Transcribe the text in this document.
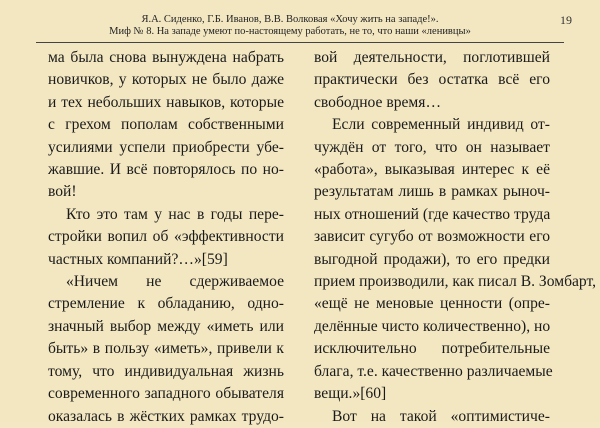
Я.А. Сиденко, Г.Б. Иванов, В.В. Волковая «Хочу жить на западе!».
Миф № 8. На западе умеют по-настоящему работать, не то, что наши «ленивцы»
19
ма была снова вынуждена набрать
новичков, у которых не было даже
и тех небольших навыков, которые
с грехом пополам собственными
усилиями успели приобрести убе-
жавшие. И всё повторялось по но-
вой!
Кто это там у нас в годы пере-
стройки вопил об «эффективности
частных компаний?…»[59]
«Ничем не сдерживаемое
стремление к обладанию, одно-
значный выбор между «иметь или
быть» в пользу «иметь», привели к
тому, что индивидуальная жизнь
современного западного обывателя
оказалась в жёстких рамках трудо-
вой деятельности, поглотившей
практически без остатка всё его
свободное время…
Если современный индивид от-
чуждён от того, что он называет
«работа», выказывая интерес к её
результатам лишь в рамках рыноч-
ных отношений (где качество труда
зависит сугубо от возможности его
выгодной продажи), то его предки
прием производили, как писал В. Зомбарт,
«ещё не меновые ценности (опре-
делённые чисто количественно), но
исключительно потребительные
блага, т.е. качественно различаемые
вещи.»[60]
Вот на такой «оптимистиче-
